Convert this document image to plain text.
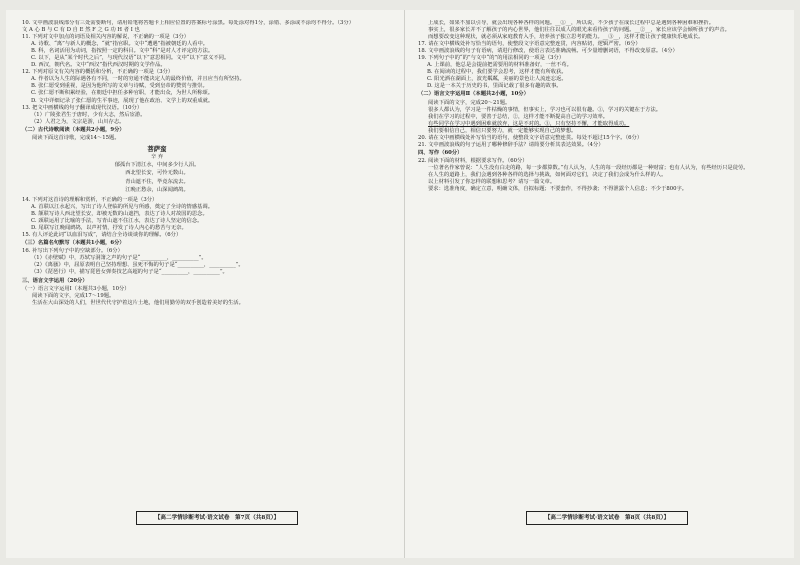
10. 文中画波浪线部分有三处需要断句，请用铅笔将答题卡上相应位置的答案标号涂黑。每处涂对得1分，涂错、多涂或不涂均不得分。（3分）

文 A 心 B 与 C 有 D 自 E 然 F 之 G 功 H 者 I 也

11. 下列对文中加点的词语及相关内容的解说，不正确的一项是（3分）

A. 诗歌、“离”与新人的概念，“就”指官职。文中“遭遇”指被朝廷的人看中。

B. 科，名词活用为动词，指按照一定的科目。文中“科”是对人才评定的方法。

C. 以下，是从“某个时代之后”，与现代汉语“以下”意思相同。文中“以下”意义不同。

D. 西汉，朝代名。文中“西汉”指代西汉时期的文学作品。

12. 下列对原文有关内容的概括和分析，不正确的一项是（3分）

A. 作者以为人生的际遇各有不同，一时的穷通不能决定人的最终价值，并且应当有所坚持。

B. 张仁愿受到重视，是因为他所写的文章与诗赋，受到皇帝的赞赏与推崇。

C. 张仁愿不断积累经验，在朝廷中担任多种官职，才能出众，为世人所称颂。

D. 文中详细记录了张仁愿的生平事迹，展现了他在政治、文学上的双重成就。

13. 把文中画横线的句子翻译成现代汉语。（10分）

（1）广陵张君生于唐时，少有大志，然后宦游。

（2）人君之为，文宗是游，山川存志。

（二）古代诗歌阅读（本题共2小题，9分）

阅读下面这首诗歌，完成14～15题。

菩萨蛮
辛 弃
郁孤台下清江水，中间多少行人泪。
西北望长安，可怜无数山。
青山遮不住，毕竟东流去。
江晚正愁余，山深闻鹧鸪。

14. 下列对这首诗的理解和赏析，不正确的一项是（3分）

A. 首联以江水起兴，写出了诗人登临的所见与所感，奠定了全诗的情感基调。

B. 颔联写诗人西北望长安，却被无数的山遮挡，表达了诗人对故国的思念。

C. 颈联运用了比喻的手法，写青山遮不住江水，表达了诗人坚定的信念。

D. 尾联写江晚闻鹧鸪，以声衬情，抒发了诗人内心的愁苦与无奈。

15. 有人评论此词“以血泪写成”，请结合全诗谈谈你的理解。（6分）

（三）名篇名句默写（本题共1小题，6分）

16. 补写出下列句子中的空缺部分。（6分）

（1）《赤壁赋》中，苏轼写洞箫之声的句子是“__________，__________”。

（2）《离骚》中，屈原表明自己坚持理想、虽死不悔的句子是“__________，__________”。

（3）《琵琶行》中，描写琵琶女弹奏技艺高超的句子是“__________，__________”。

三、语言文字运用（20分）

（一）语言文字运用Ⅰ（本题共3小题，10分）

阅读下面的文字，完成17～19题。

生活在大山深处的人们，世世代代守护着这片土地，他们用勤劳的双手创造着美好的生活。

上成长，如果不加以引导，就会出现各种各样的问题。__①__，所以说，不少孩子在成长过程中总是遇到各种困难和挫折。

事实上，很多家长并不了解孩子的内心世界，他们往往以成人的眼光来看待孩子的问题。__②__，家长应该学会倾听孩子的声音。

而想要改变这种现状，就必须从家庭教育入手，培养孩子独立思考的能力。__③__，这样才能让孩子健康快乐地成长。

17. 请在文中横线处补写恰当的语句，使整段文字语意完整连贯，内容贴切，逻辑严密。（6分）

18. 文中画波浪线的句子有语病，请进行修改，使语言表达准确流畅。可少量增删词语，不得改变原意。（4分）

19. 下列句子中的“的”与文中“的”的用法相同的一项是（3分）

A. 上课前，他总是会提前把需要用的材料准备好，一丝不苟。

B. 在阅读的过程中，我们要学会思考，这样才能有所收获。

C. 阳光洒在湖面上，波光粼粼，美丽的景色让人流连忘返。

D. 这是一本关于历史的书，里面记载了很多有趣的故事。

（二）语言文字运用Ⅱ（本题共2小题，10分）

阅读下面的文字，完成20～21题。

很多人都认为，学习是一件枯燥的事情，但事实上，学习也可以很有趣。①，学习的关键在于方法。

我们在学习的过程中，要善于总结，②，这样才能不断提高自己的学习效率。

有些同学在学习中遇到困难就放弃，这是不对的。③，只有坚持不懈，才能取得成功。

我们要相信自己，相信只要努力，就一定能够实现自己的梦想。

20. 请在文中画横线处补写恰当的语句，使整段文字语意完整连贯。每处不超过15个字。（6分）

21. 文中画波浪线的句子运用了哪种修辞手法？请简要分析其表达效果。（4分）

四、写作（60分）

22. 阅读下面的材料，根据要求写作。（60分）

一位著名作家曾说：“人生没有白走的路，每一步都算数。”有人认为，人生的每一段经历都是一种财富；也有人认为，有些经历只是徒劳。

在人生的道路上，我们会遇到各种各样的选择与挑战，如何面对它们，决定了我们会成为什么样的人。

以上材料引发了你怎样的联想和思考？请写一篇文章。

要求：选准角度，确定立意，明确文体，自拟标题；不要套作，不得抄袭；不得泄露个人信息；不少于800字。

【高二学情诊断考试·语文试卷　第7页（共8页）】	【高二学情诊断考试·语文试卷　第8页（共8页）】
